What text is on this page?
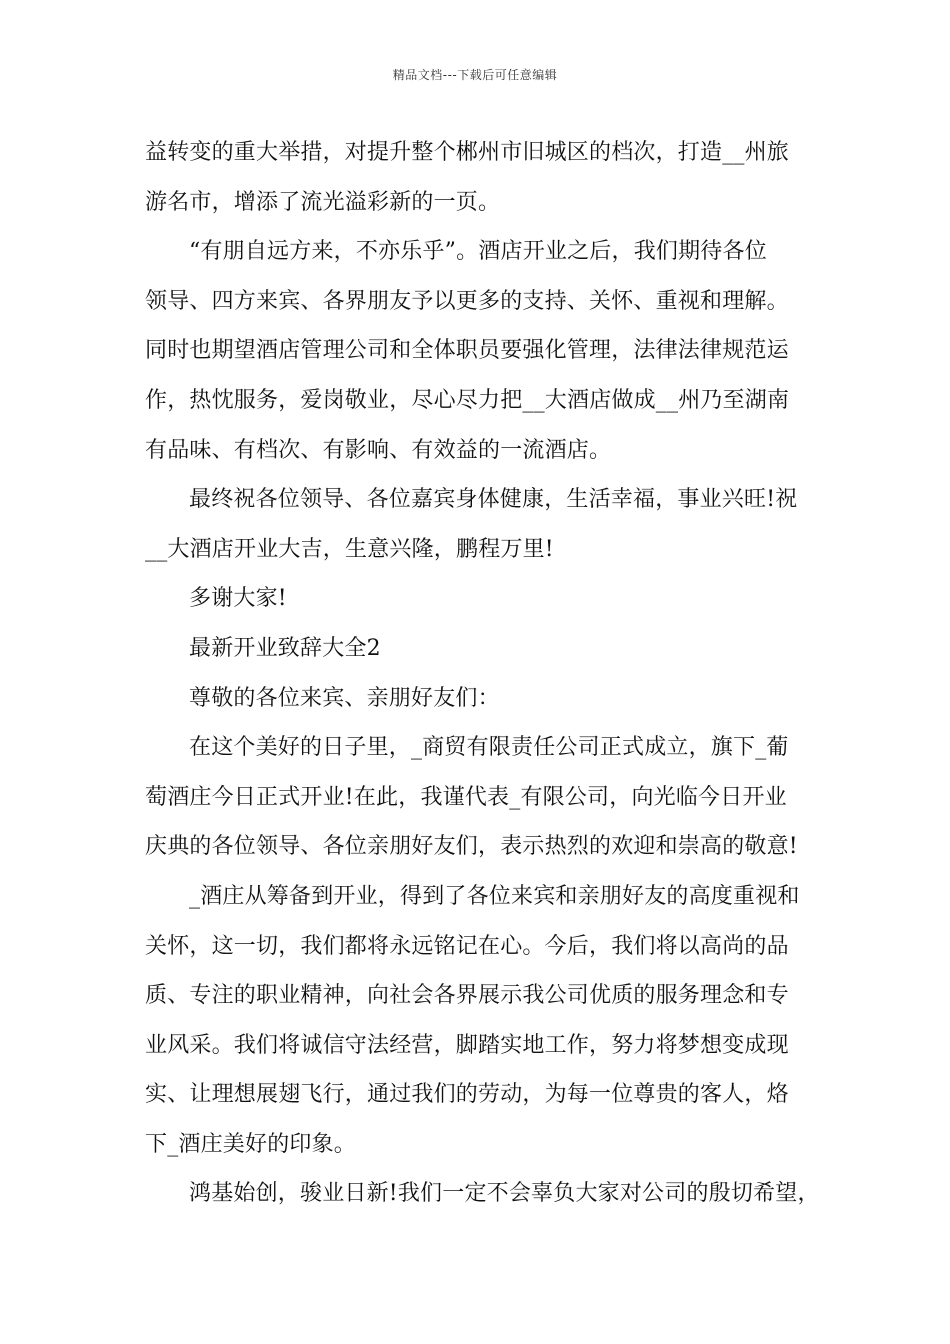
精品文档---下载后可任意编辑
益转变的重大举措，对提升整个郴州市旧城区的档次，打造__州旅
游名市，增添了流光溢彩新的一页。
“有朋自远方来，不亦乐乎”。酒店开业之后，我们期待各位
领导、四方来宾、各界朋友予以更多的支持、关怀、重视和理解。
同时也期望酒店管理公司和全体职员要强化管理，法律法律规范运
作，热忱服务，爱岗敬业，尽心尽力把__大酒店做成__州乃至湖南
有品味、有档次、有影响、有效益的一流酒店。
最终祝各位领导、各位嘉宾身体健康，生活幸福，事业兴旺!祝
__大酒店开业大吉，生意兴隆，鹏程万里!
多谢大家!
最新开业致辞大全2
尊敬的各位来宾、亲朋好友们：
在这个美好的日子里，_商贸有限责任公司正式成立，旗下_葡
萄酒庄今日正式开业!在此，我谨代表_有限公司，向光临今日开业
庆典的各位领导、各位亲朋好友们，表示热烈的欢迎和崇高的敬意!
_酒庄从筹备到开业，得到了各位来宾和亲朋好友的高度重视和
关怀，这一切，我们都将永远铭记在心。今后，我们将以高尚的品
质、专注的职业精神，向社会各界展示我公司优质的服务理念和专
业风采。我们将诚信守法经营，脚踏实地工作，努力将梦想变成现
实、让理想展翅飞行，通过我们的劳动，为每一位尊贵的客人，烙
下_酒庄美好的印象。
鸿基始创，骏业日新!我们一定不会辜负大家对公司的殷切希望，
